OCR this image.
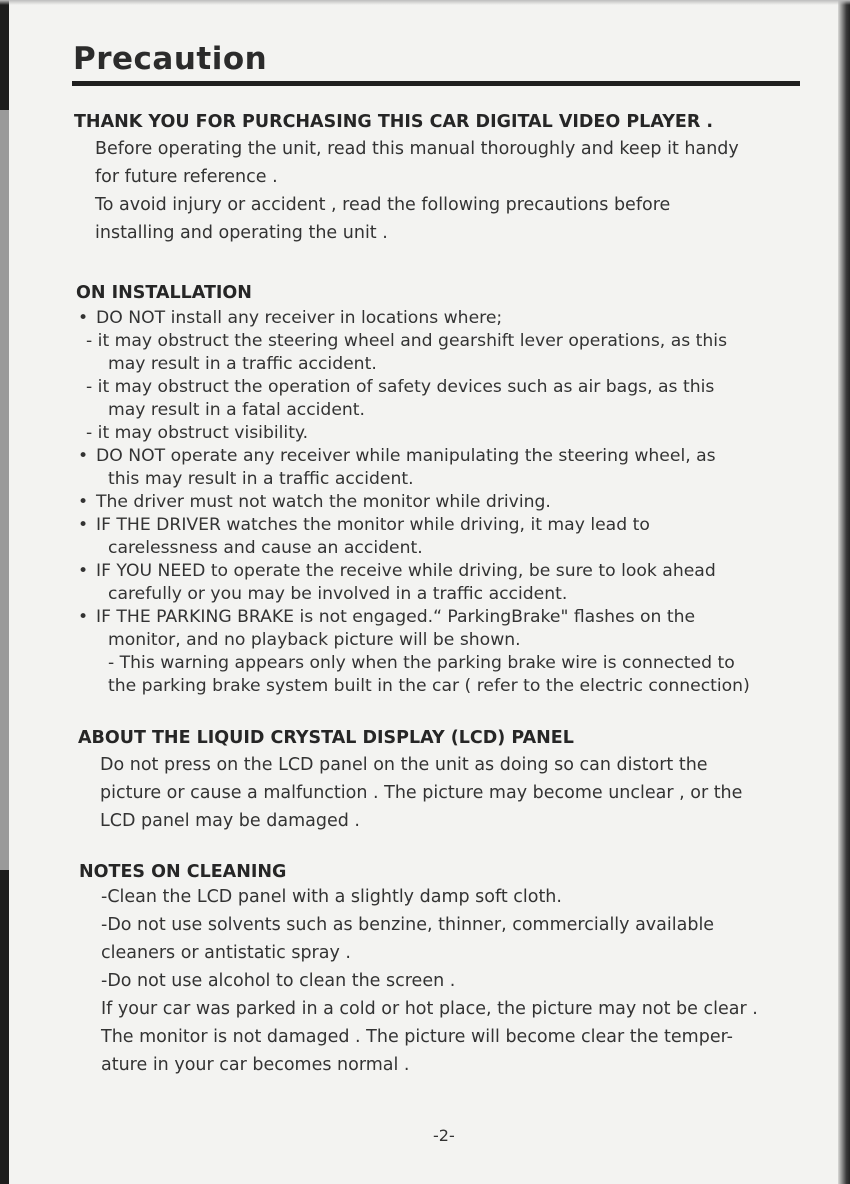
Precaution
THANK YOU FOR PURCHASING THIS CAR DIGITAL VIDEO PLAYER .
Before operating the unit, read this manual thoroughly and keep it handy
for future reference .
To avoid injury or accident , read the following precautions before
installing and operating the unit .
ON INSTALLATION
• DO NOT install any receiver in locations where;
- it may obstruct the steering wheel and gearshift lever operations, as this
may result in a traffic accident.
- it may obstruct the operation of safety devices such as air bags, as this
may result in a fatal accident.
- it may obstruct visibility.
• DO NOT operate any receiver while manipulating the steering wheel, as
this may result in a traffic accident.
• The driver must not watch the monitor while driving.
• IF THE DRIVER watches the monitor while driving, it may lead to
carelessness and cause an accident.
• IF YOU NEED to operate the receive while driving, be sure to look ahead
carefully or you may be involved in a traffic accident.
• IF THE PARKING BRAKE is not engaged.“ ParkingBrake" flashes on the
monitor, and no playback picture will be shown.
- This warning appears only when the parking brake wire is connected to
the parking brake system built in the car ( refer to the electric connection)
ABOUT THE LIQUID CRYSTAL DISPLAY (LCD) PANEL
Do not press on the LCD panel on the unit as doing so can distort the
picture or cause a malfunction . The picture may become unclear , or the
LCD panel may be damaged .
NOTES ON CLEANING
-Clean the LCD panel with a slightly damp soft cloth.
-Do not use solvents such as benzine, thinner, commercially available
cleaners or antistatic spray .
-Do not use alcohol to clean the screen .
If your car was parked in a cold or hot place, the picture may not be clear .
The monitor is not damaged . The picture will become clear the temper-
ature in your car becomes normal .
-2-
